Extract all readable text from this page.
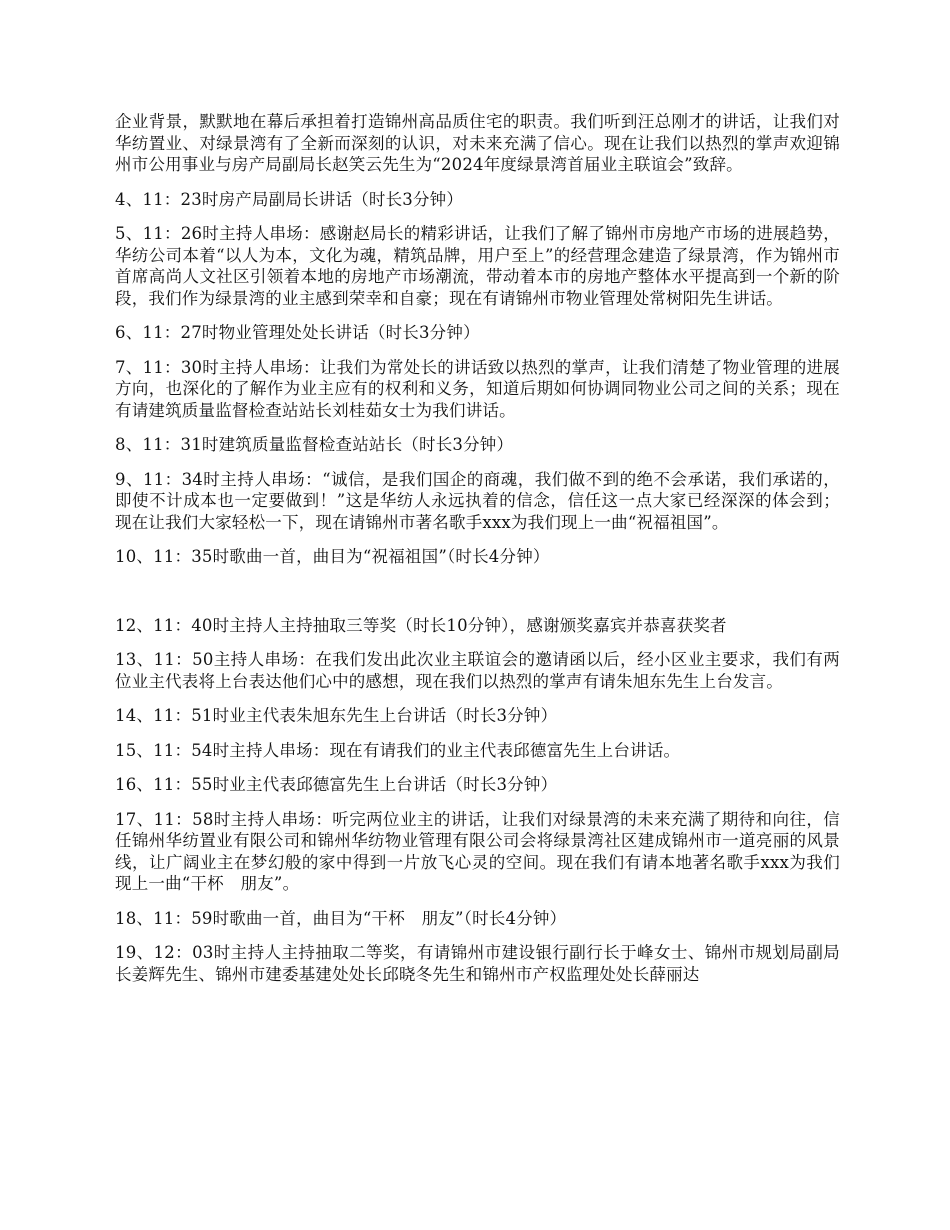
企业背景，默默地在幕后承担着打造锦州高品质住宅的职责。我们听到汪总刚才的讲话，让我们对华纺置业、对绿景湾有了全新而深刻的认识，对未来充满了信心。现在让我们以热烈的掌声欢迎锦州市公用事业与房产局副局长赵笑云先生为“2024年度绿景湾首届业主联谊会”致辞。

4、11：23时房产局副局长讲话（时长3分钟）

5、11：26时主持人串场：感谢赵局长的精彩讲话，让我们了解了锦州市房地产市场的进展趋势，华纺公司本着“以人为本，文化为魂，精筑品牌，用户至上”的经营理念建造了绿景湾，作为锦州市首席高尚人文社区引领着本地的房地产市场潮流，带动着本市的房地产整体水平提高到一个新的阶段，我们作为绿景湾的业主感到荣幸和自豪；现在有请锦州市物业管理处常树阳先生讲话。

6、11：27时物业管理处处长讲话（时长3分钟）

7、11：30时主持人串场：让我们为常处长的讲话致以热烈的掌声，让我们清楚了物业管理的进展方向，也深化的了解作为业主应有的权利和义务，知道后期如何协调同物业公司之间的关系；现在有请建筑质量监督检查站站长刘桂茹女士为我们讲话。

8、11：31时建筑质量监督检查站站长（时长3分钟）

9、11：34时主持人串场：“诚信，是我们国企的商魂，我们做不到的绝不会承诺，我们承诺的，即使不计成本也一定要做到！”这是华纺人永远执着的信念，信任这一点大家已经深深的体会到；现在让我们大家轻松一下，现在请锦州市著名歌手xxx为我们现上一曲“祝福祖国”。

10、11：35时歌曲一首，曲目为“祝福祖国”（时长4分钟）

12、11：40时主持人主持抽取三等奖（时长10分钟），感谢颁奖嘉宾并恭喜获奖者

13、11：50主持人串场：在我们发出此次业主联谊会的邀请函以后，经小区业主要求，我们有两位业主代表将上台表达他们心中的感想，现在我们以热烈的掌声有请朱旭东先生上台发言。

14、11：51时业主代表朱旭东先生上台讲话（时长3分钟）

15、11：54时主持人串场：现在有请我们的业主代表邱德富先生上台讲话。

16、11：55时业主代表邱德富先生上台讲话（时长3分钟）

17、11：58时主持人串场：听完两位业主的讲话，让我们对绿景湾的未来充满了期待和向往，信任锦州华纺置业有限公司和锦州华纺物业管理有限公司会将绿景湾社区建成锦州市一道亮丽的风景线，让广阔业主在梦幻般的家中得到一片放飞心灵的空间。现在我们有请本地著名歌手xxx为我们现上一曲“干杯　朋友”。

18、11：59时歌曲一首，曲目为“干杯　朋友”（时长4分钟）

19、12：03时主持人主持抽取二等奖，有请锦州市建设银行副行长于峰女士、锦州市规划局副局长姜辉先生、锦州市建委基建处处长邱晓冬先生和锦州市产权监理处处长薛丽达
